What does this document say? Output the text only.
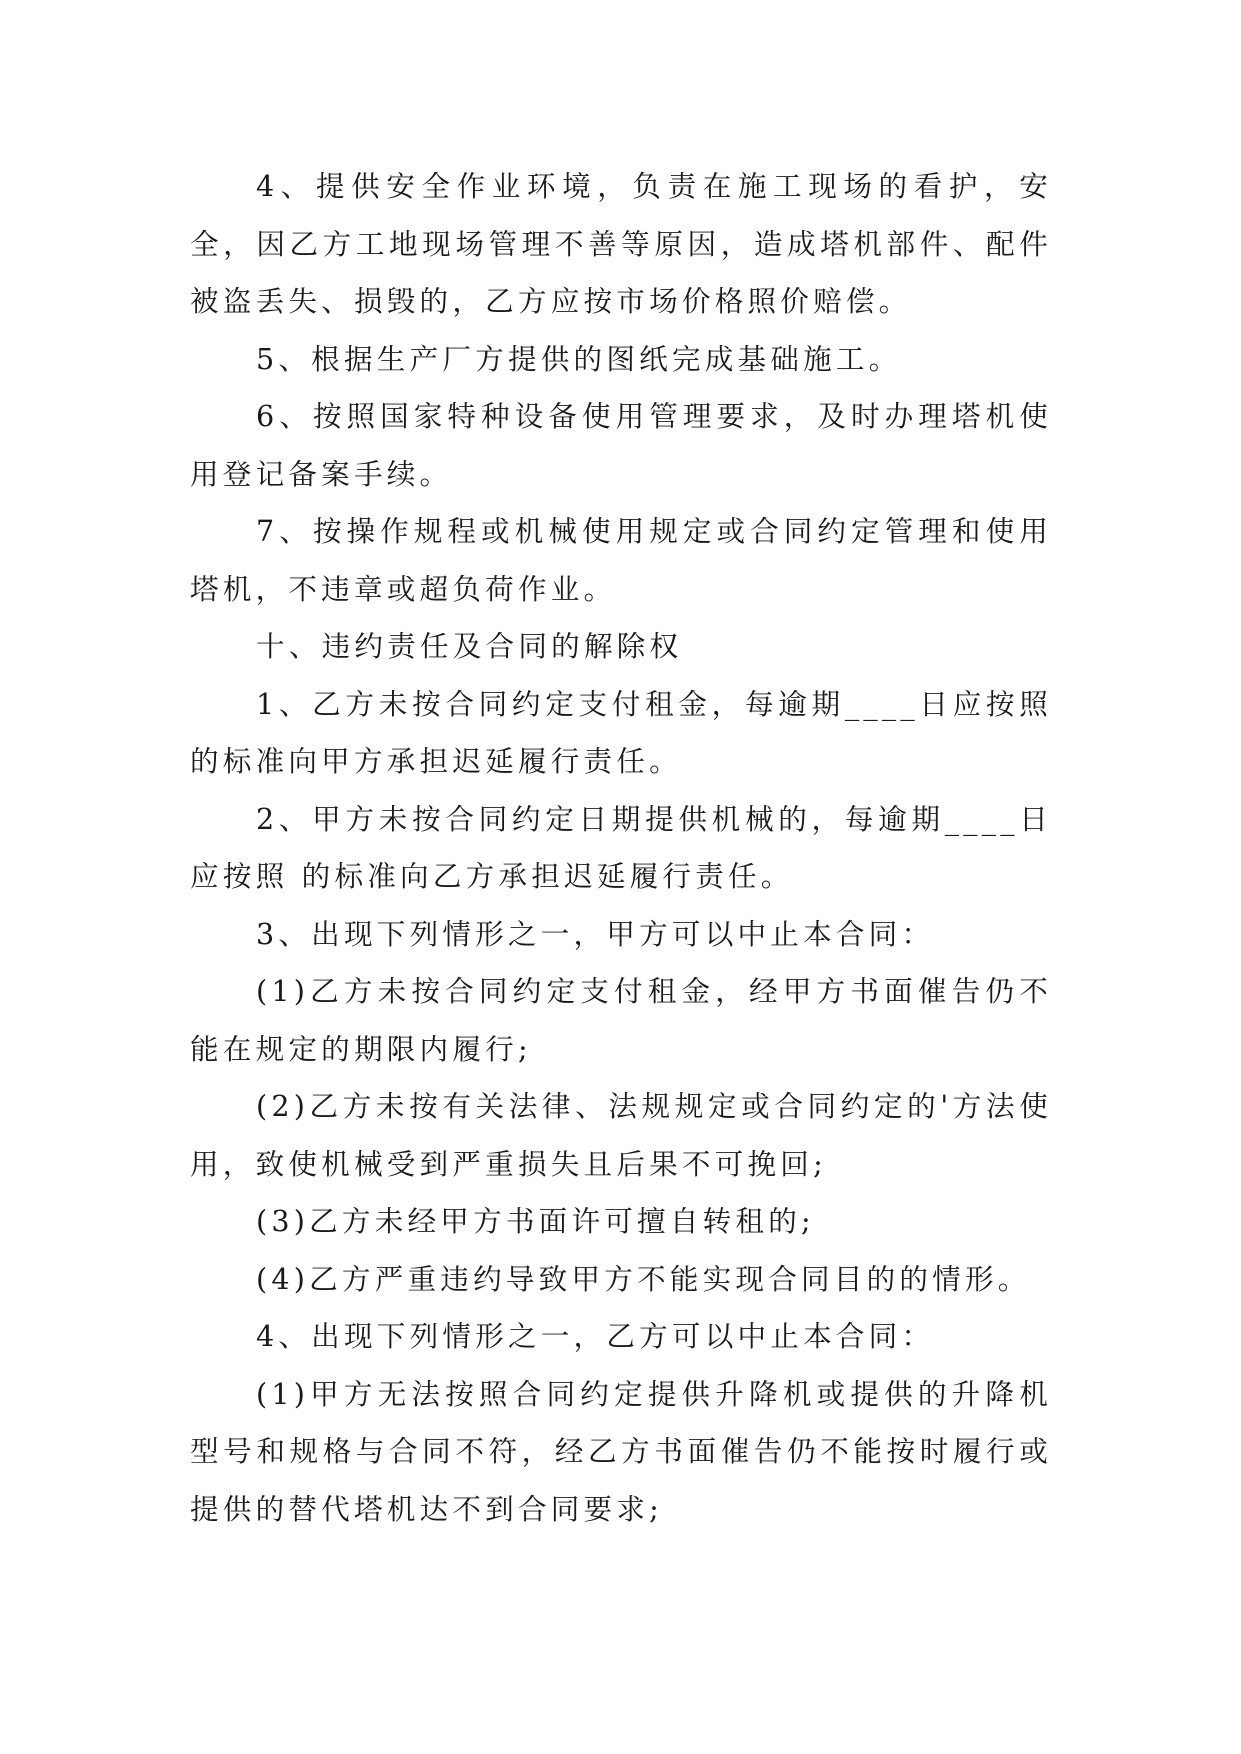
4、提供安全作业环境，负责在施工现场的看护，安全，因乙方工地现场管理不善等原因，造成塔机部件、配件被盗丢失、损毁的，乙方应按市场价格照价赔偿。

5、根据生产厂方提供的图纸完成基础施工。

6、按照国家特种设备使用管理要求，及时办理塔机使用登记备案手续。

7、按操作规程或机械使用规定或合同约定管理和使用塔机，不违章或超负荷作业。

十、违约责任及合同的解除权

1、乙方未按合同约定支付租金，每逾期____日应按照的标准向甲方承担迟延履行责任。

2、甲方未按合同约定日期提供机械的，每逾期____日应按照 的标准向乙方承担迟延履行责任。

3、出现下列情形之一，甲方可以中止本合同：

(1)乙方未按合同约定支付租金，经甲方书面催告仍不能在规定的期限内履行;

(2)乙方未按有关法律、法规规定或合同约定的'方法使用，致使机械受到严重损失且后果不可挽回;

(3)乙方未经甲方书面许可擅自转租的;

(4)乙方严重违约导致甲方不能实现合同目的的情形。

4、出现下列情形之一，乙方可以中止本合同：

(1)甲方无法按照合同约定提供升降机或提供的升降机型号和规格与合同不符，经乙方书面催告仍不能按时履行或提供的替代塔机达不到合同要求;
